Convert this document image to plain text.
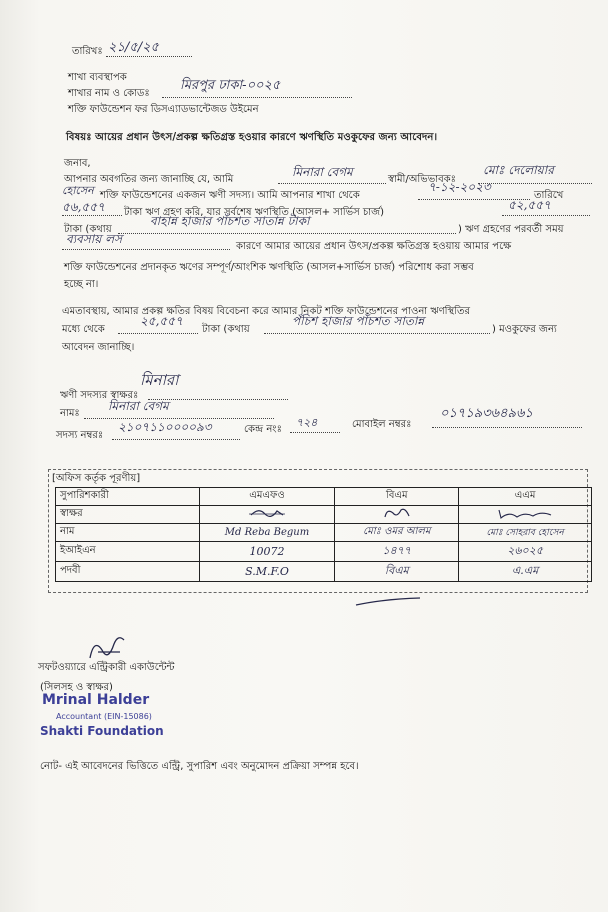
তারিখঃ ২১/৫/২৫
শাখা ব্যবস্থাপক
শাখার নাম ও কোডঃ
মিরপুর ঢাকা-০০২৫
শক্তি ফাউন্ডেশন ফর ডিসএ্যাডভান্টেজড উইমেন
বিষয়ঃ আয়ের প্রধান উৎস/প্রকল্প ক্ষতিগ্রস্ত হওয়ার কারণে ঋণস্থিতি মওকুফের জন্য আবেদন।
জনাব,
আপনার অবগতির জন্য জানাচ্ছি যে, আমি
মিনারা বেগম
স্বামী/অভিভাবকঃ
মোঃ দেলোয়ার
হোসেন শক্তি ফাউন্ডেশনের একজন ঋণী সদস্য। আমি আপনার শাখা থেকে
৭-১২-২০২৩
তারিখে
৫৬,৫৫৭ টাকা ঋণ গ্রহণ করি, যার সর্বশেষ ঋণস্থিতি (আসল+ সার্ভিস চার্জ)
৫২,৫৫৭
টাকা (কথায়
বাহান্ন হাজার পাঁচশত সাতান্ন টাকা
) ঋণ গ্রহণের পরবর্তী সময়
ব্যবসায় লস
কারণে আমার আয়ের প্রধান উৎস/প্রকল্প ক্ষতিগ্রস্ত হওয়ায় আমার পক্ষে
শক্তি ফাউন্ডেশনের প্রদানকৃত ঋণের সম্পূর্ণ/আংশিক ঋণস্থিতি (আসল+সার্ভিস চার্জ) পরিশোধ করা সম্ভব
হচ্ছে না।
এমতাবস্থায়, আমার প্রকল্প ক্ষতির বিষয় বিবেচনা করে আমার নিকট শক্তি ফাউন্ডেশনের পাওনা ঋণস্থিতির
মধ্যে থেকে
২৫,৫৫৭
টাকা (কথায়
পঁচিশ হাজার পাঁচশত সাতান্ন
) মওকুফের জন্য
আবেদন জানাচ্ছি।
ঋণী সদস্যর স্বাক্ষরঃ
মিনারা
নামঃ
মিনারা বেগম
সদস্য নম্বরঃ
২১০৭১১০০০০৯৩	কেন্দ্র নংঃ
৭২৪	মোবাইল নম্বরঃ
০১৭১৯৩৬৪৯৬১
[অফিস কর্তৃক পূরণীয়]
সুপারিশকারী	এমএফও	বিএম	এএম
স্বাক্ষর			
নাম	Md Reba Begum	মোঃ ওমর আলম	মোঃ সোহরাব হোসেন
ইআইএন	10072	১৪৭৭	২৬০২৫
পদবী	S.M.F.O	বিএম	এ.এম
সফটওয়্যারে এন্ট্রিকারী একাউন্টেন্ট
(সিলসহ ও স্বাক্ষর)
Mrinal Halder
Accountant (EIN-15086)
Shakti Foundation
নোট- এই আবেদনের ভিত্তিতে এন্ট্রি, সুপারিশ এবং অনুমোদন প্রক্রিয়া সম্পন্ন হবে।
